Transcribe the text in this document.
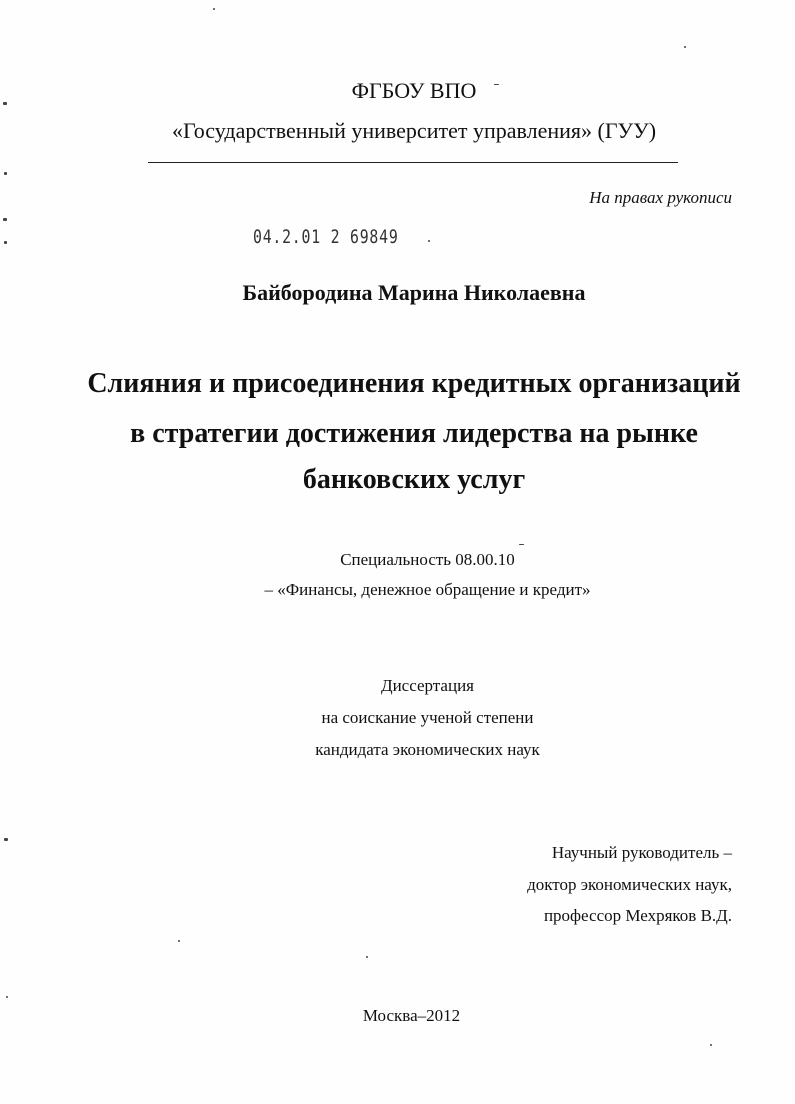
ФГБОУ ВПО
«Государственный университет управления» (ГУУ)
На правах рукописи
04.2.01 2 69849
Байбородина Марина Николаевна
Слияния и присоединения кредитных организаций
в стратегии достижения лидерства на рынке
банковских услуг
Специальность 08.00.10
– «Финансы, денежное обращение и кредит»
Диссертация
на соискание ученой степени
кандидата экономических наук
Научный руководитель –
доктор экономических наук,
профессор Мехряков В.Д.
Москва–2012
